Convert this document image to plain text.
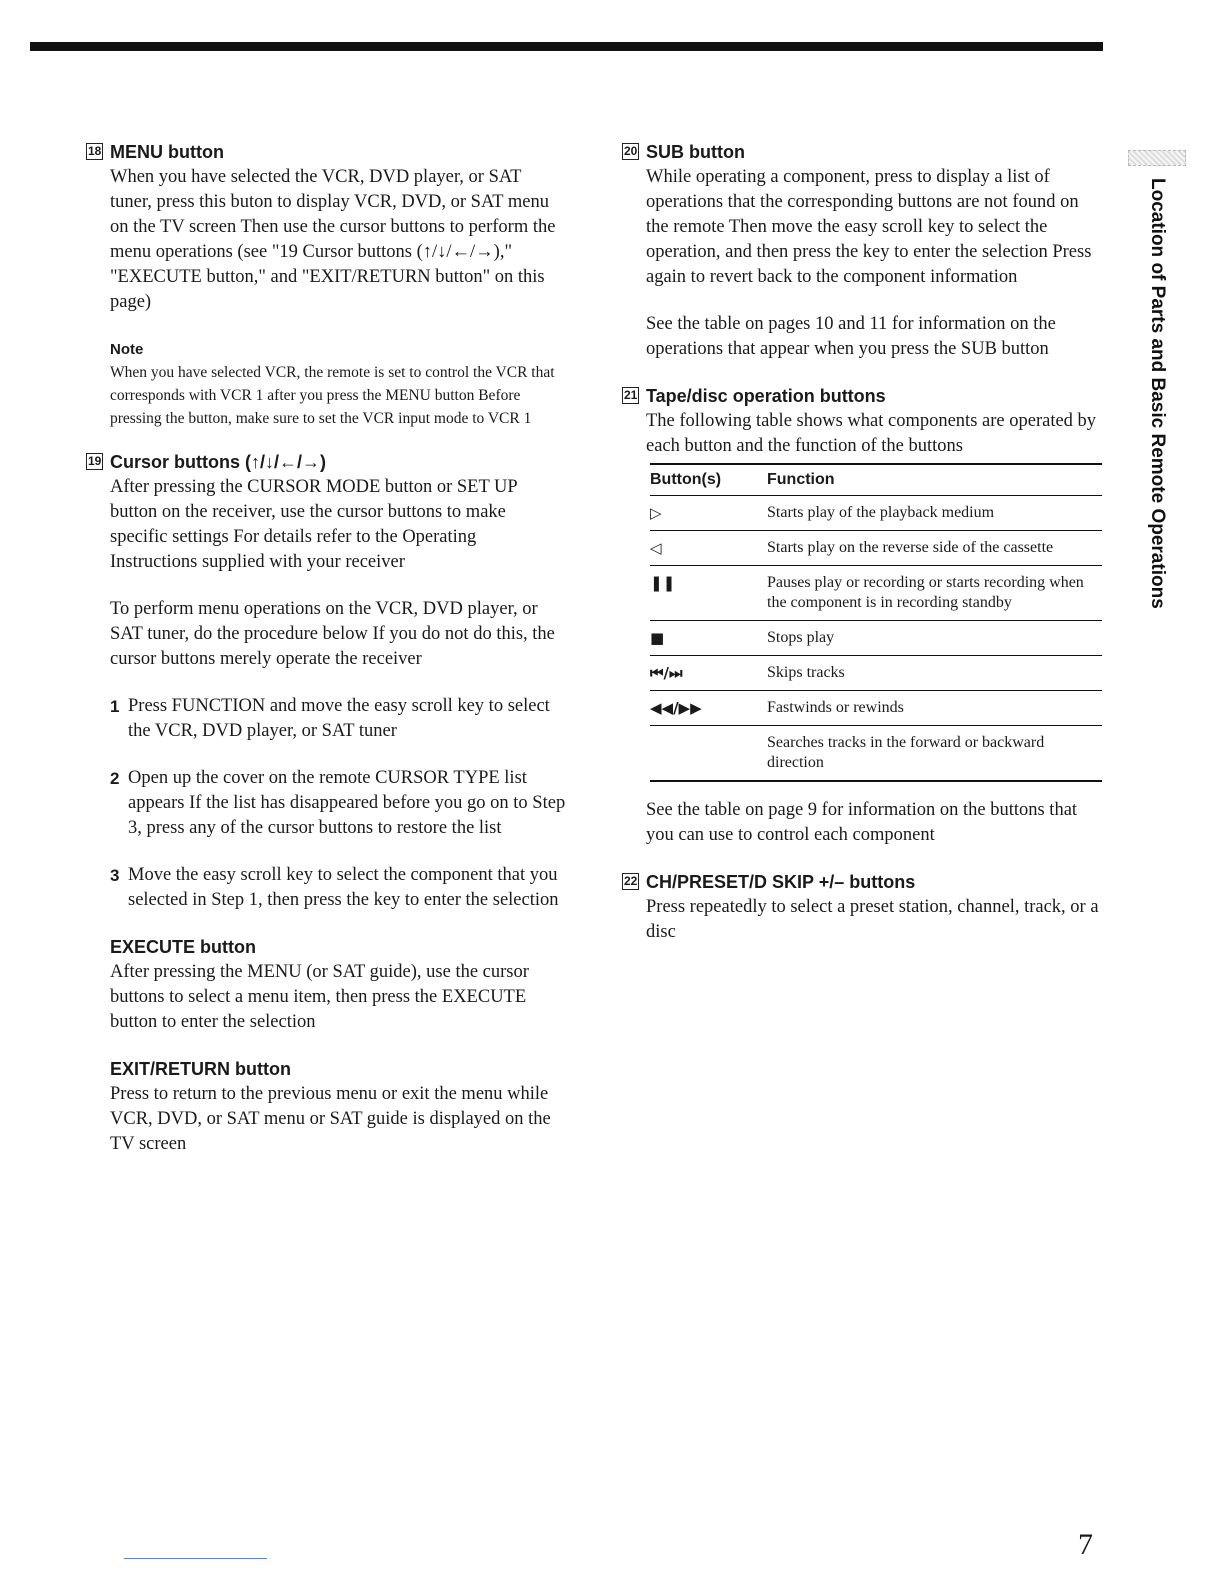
18 MENU button
When you have selected the VCR, DVD player, or SAT tuner, press this buton to display VCR, DVD, or SAT menu on the TV screen Then use the cursor buttons to perform the menu operations (see "19 Cursor buttons (↑/↓/←/→)," "EXECUTE button," and "EXIT/RETURN button" on this page)
Note
When you have selected VCR, the remote is set to control the VCR that corresponds with VCR 1 after you press the MENU button Before pressing the button, make sure to set the VCR input mode to VCR 1
19 Cursor buttons (↑/↓/←/→)
After pressing the CURSOR MODE button or SET UP button on the receiver, use the cursor buttons to make specific settings For details refer to the Operating Instructions supplied with your receiver
To perform menu operations on the VCR, DVD player, or SAT tuner, do the procedure below If you do not do this, the cursor buttons merely operate the receiver
1 Press FUNCTION and move the easy scroll key to select the VCR, DVD player, or SAT tuner
2 Open up the cover on the remote CURSOR TYPE list appears If the list has disappeared before you go on to Step 3, press any of the cursor buttons to restore the list
3 Move the easy scroll key to select the component that you selected in Step 1, then press the key to enter the selection
EXECUTE button
After pressing the MENU (or SAT guide), use the cursor buttons to select a menu item, then press the EXECUTE button to enter the selection
EXIT/RETURN button
Press to return to the previous menu or exit the menu while VCR, DVD, or SAT menu or SAT guide is displayed on the TV screen
20 SUB button
While operating a component, press to display a list of operations that the corresponding buttons are not found on the remote Then move the easy scroll key to select the operation, and then press the key to enter the selection Press again to revert back to the component information
See the table on pages 10 and 11 for information on the operations that appear when you press the SUB button
21 Tape/disc operation buttons
The following table shows what components are operated by each button and the function of the buttons
Button(s)	Function
▷	Starts play of the playback medium
◁	Starts play on the reverse side of the cassette
❚❚	Pauses play or recording or starts recording when the component is in recording standby
■	Stops play
⏮/⏭	Skips tracks
◀◀/▶▶	Fastwinds or rewinds
	Searches tracks in the forward or backward direction
See the table on page 9 for information on the buttons that you can use to control each component
22 CH/PRESET/D SKIP +/– buttons
Press repeatedly to select a preset station, channel, track, or a disc
Location of Parts and Basic Remote Operations
7
